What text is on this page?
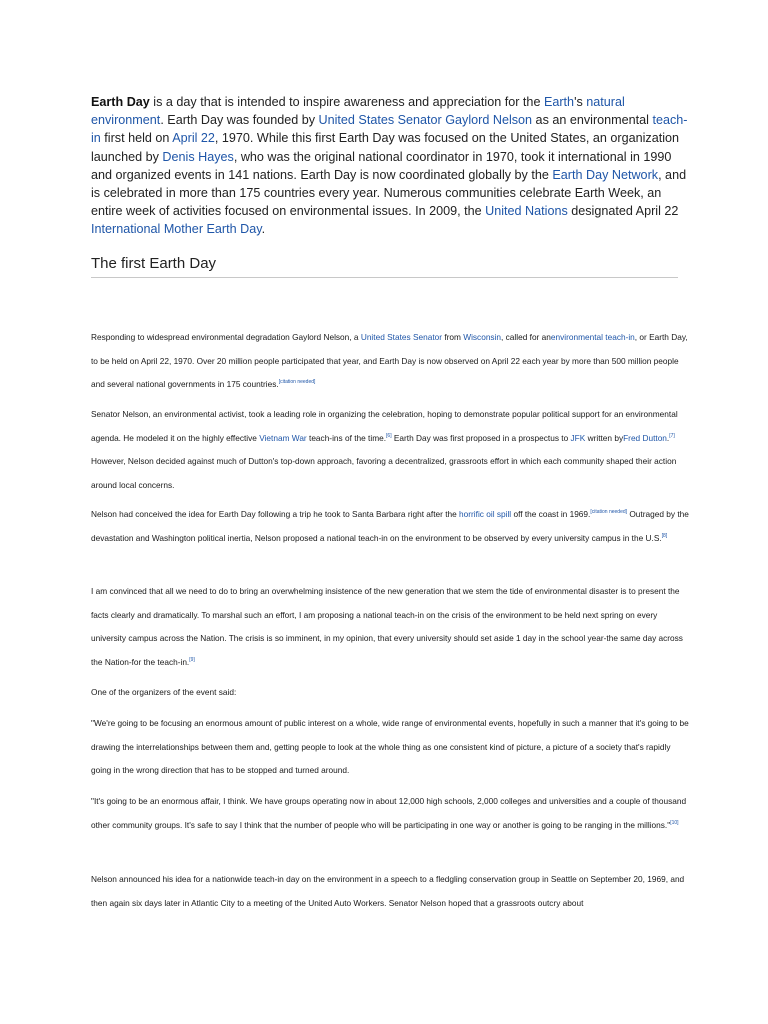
Earth Day is a day that is intended to inspire awareness and appreciation for the Earth's natural environment. Earth Day was founded by United States Senator Gaylord Nelson as an environmental teach-in first held on April 22, 1970. While this first Earth Day was focused on the United States, an organization launched by Denis Hayes, who was the original national coordinator in 1970, took it international in 1990 and organized events in 141 nations. Earth Day is now coordinated globally by the Earth Day Network, and is celebrated in more than 175 countries every year. Numerous communities celebrate Earth Week, an entire week of activities focused on environmental issues. In 2009, the United Nations designated April 22 International Mother Earth Day.

The first Earth Day

Responding to widespread environmental degradation Gaylord Nelson, a United States Senator from Wisconsin, called for anenvironmental teach-in, or Earth Day, to be held on April 22, 1970. Over 20 million people participated that year, and Earth Day is now observed on April 22 each year by more than 500 million people and several national governments in 175 countries.[citation needed]

Senator Nelson, an environmental activist, took a leading role in organizing the celebration, hoping to demonstrate popular political support for an environmental agenda. He modeled it on the highly effective Vietnam War teach-ins of the time.[6] Earth Day was first proposed in a prospectus to JFK written byFred Dutton.[7] However, Nelson decided against much of Dutton's top-down approach, favoring a decentralized, grassroots effort in which each community shaped their action around local concerns.

Nelson had conceived the idea for Earth Day following a trip he took to Santa Barbara right after the horrific oil spill off the coast in 1969.[citation needed] Outraged by the devastation and Washington political inertia, Nelson proposed a national teach-in on the environment to be observed by every university campus in the U.S.[8]

I am convinced that all we need to do to bring an overwhelming insistence of the new generation that we stem the tide of environmental disaster is to present the facts clearly and dramatically. To marshal such an effort, I am proposing a national teach-in on the crisis of the environment to be held next spring on every university campus across the Nation. The crisis is so imminent, in my opinion, that every university should set aside 1 day in the school year-the same day across the Nation-for the teach-in.[9]

One of the organizers of the event said:

"We're going to be focusing an enormous amount of public interest on a whole, wide range of environmental events, hopefully in such a manner that it's going to be drawing the interrelationships between them and, getting people to look at the whole thing as one consistent kind of picture, a picture of a society that's rapidly going in the wrong direction that has to be stopped and turned around.

"It's going to be an enormous affair, I think. We have groups operating now in about 12,000 high schools, 2,000 colleges and universities and a couple of thousand other community groups. It's safe to say I think that the number of people who will be participating in one way or another is going to be ranging in the millions."[10]

Nelson announced his idea for a nationwide teach-in day on the environment in a speech to a fledgling conservation group in Seattle on September 20, 1969, and then again six days later in Atlantic City to a meeting of the United Auto Workers. Senator Nelson hoped that a grassroots outcry about
